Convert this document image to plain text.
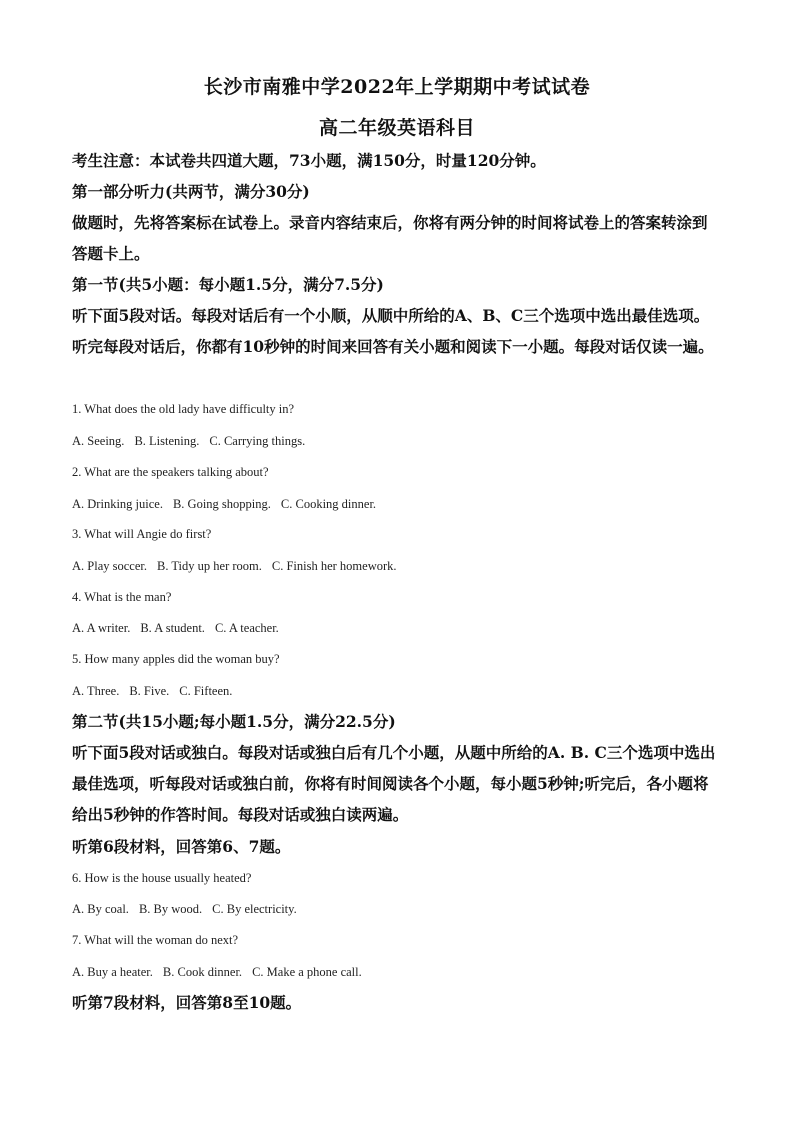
长沙市南雅中学2022年上学期期中考试试卷
高二年级英语科目

考生注意：本试卷共四道大题，73小题，满150分，时量120分钟。

第一部分听力(共两节，满分30分)

做题时，先将答案标在试卷上。录音内容结束后，你将有两分钟的时间将试卷上的答案转涂到答题卡上。

第一节(共5小题：每小题1.5分，满分7.5分)

听下面5段对话。每段对话后有一个小顺，从顺中所给的A、B、C三个选项中选出最佳选项。听完每段对话后，你都有10秒钟的时间来回答有关小题和阅读下一小题。每段对话仅读一遍。

1. What does the old lady have difficulty in?

A. Seeing. B. Listening. C. Carrying things.

2. What are the speakers talking about?

A. Drinking juice. B. Going shopping. C. Cooking dinner.

3. What will Angie do first?

A. Play soccer. B. Tidy up her room. C. Finish her homework.

4. What is the man?

A. A writer. B. A student. C. A teacher.

5. How many apples did the woman buy?

A. Three. B. Five. C. Fifteen.

第二节(共15小题;每小题1.5分，满分22.5分)

听下面5段对话或独白。每段对话或独白后有几个小题，从题中所给的A. B. C三个选项中选出最佳选项，听每段对话或独白前，你将有时间阅读各个小题，每小题5秒钟;听完后，各小题将给出5秒钟的作答时间。每段对话或独白读两遍。

听第6段材料，回答第6、7题。

6. How is the house usually heated?

A. By coal. B. By wood. C. By electricity.

7. What will the woman do next?

A. Buy a heater. B. Cook dinner. C. Make a phone call.

听第7段材料，回答第8至10题。
